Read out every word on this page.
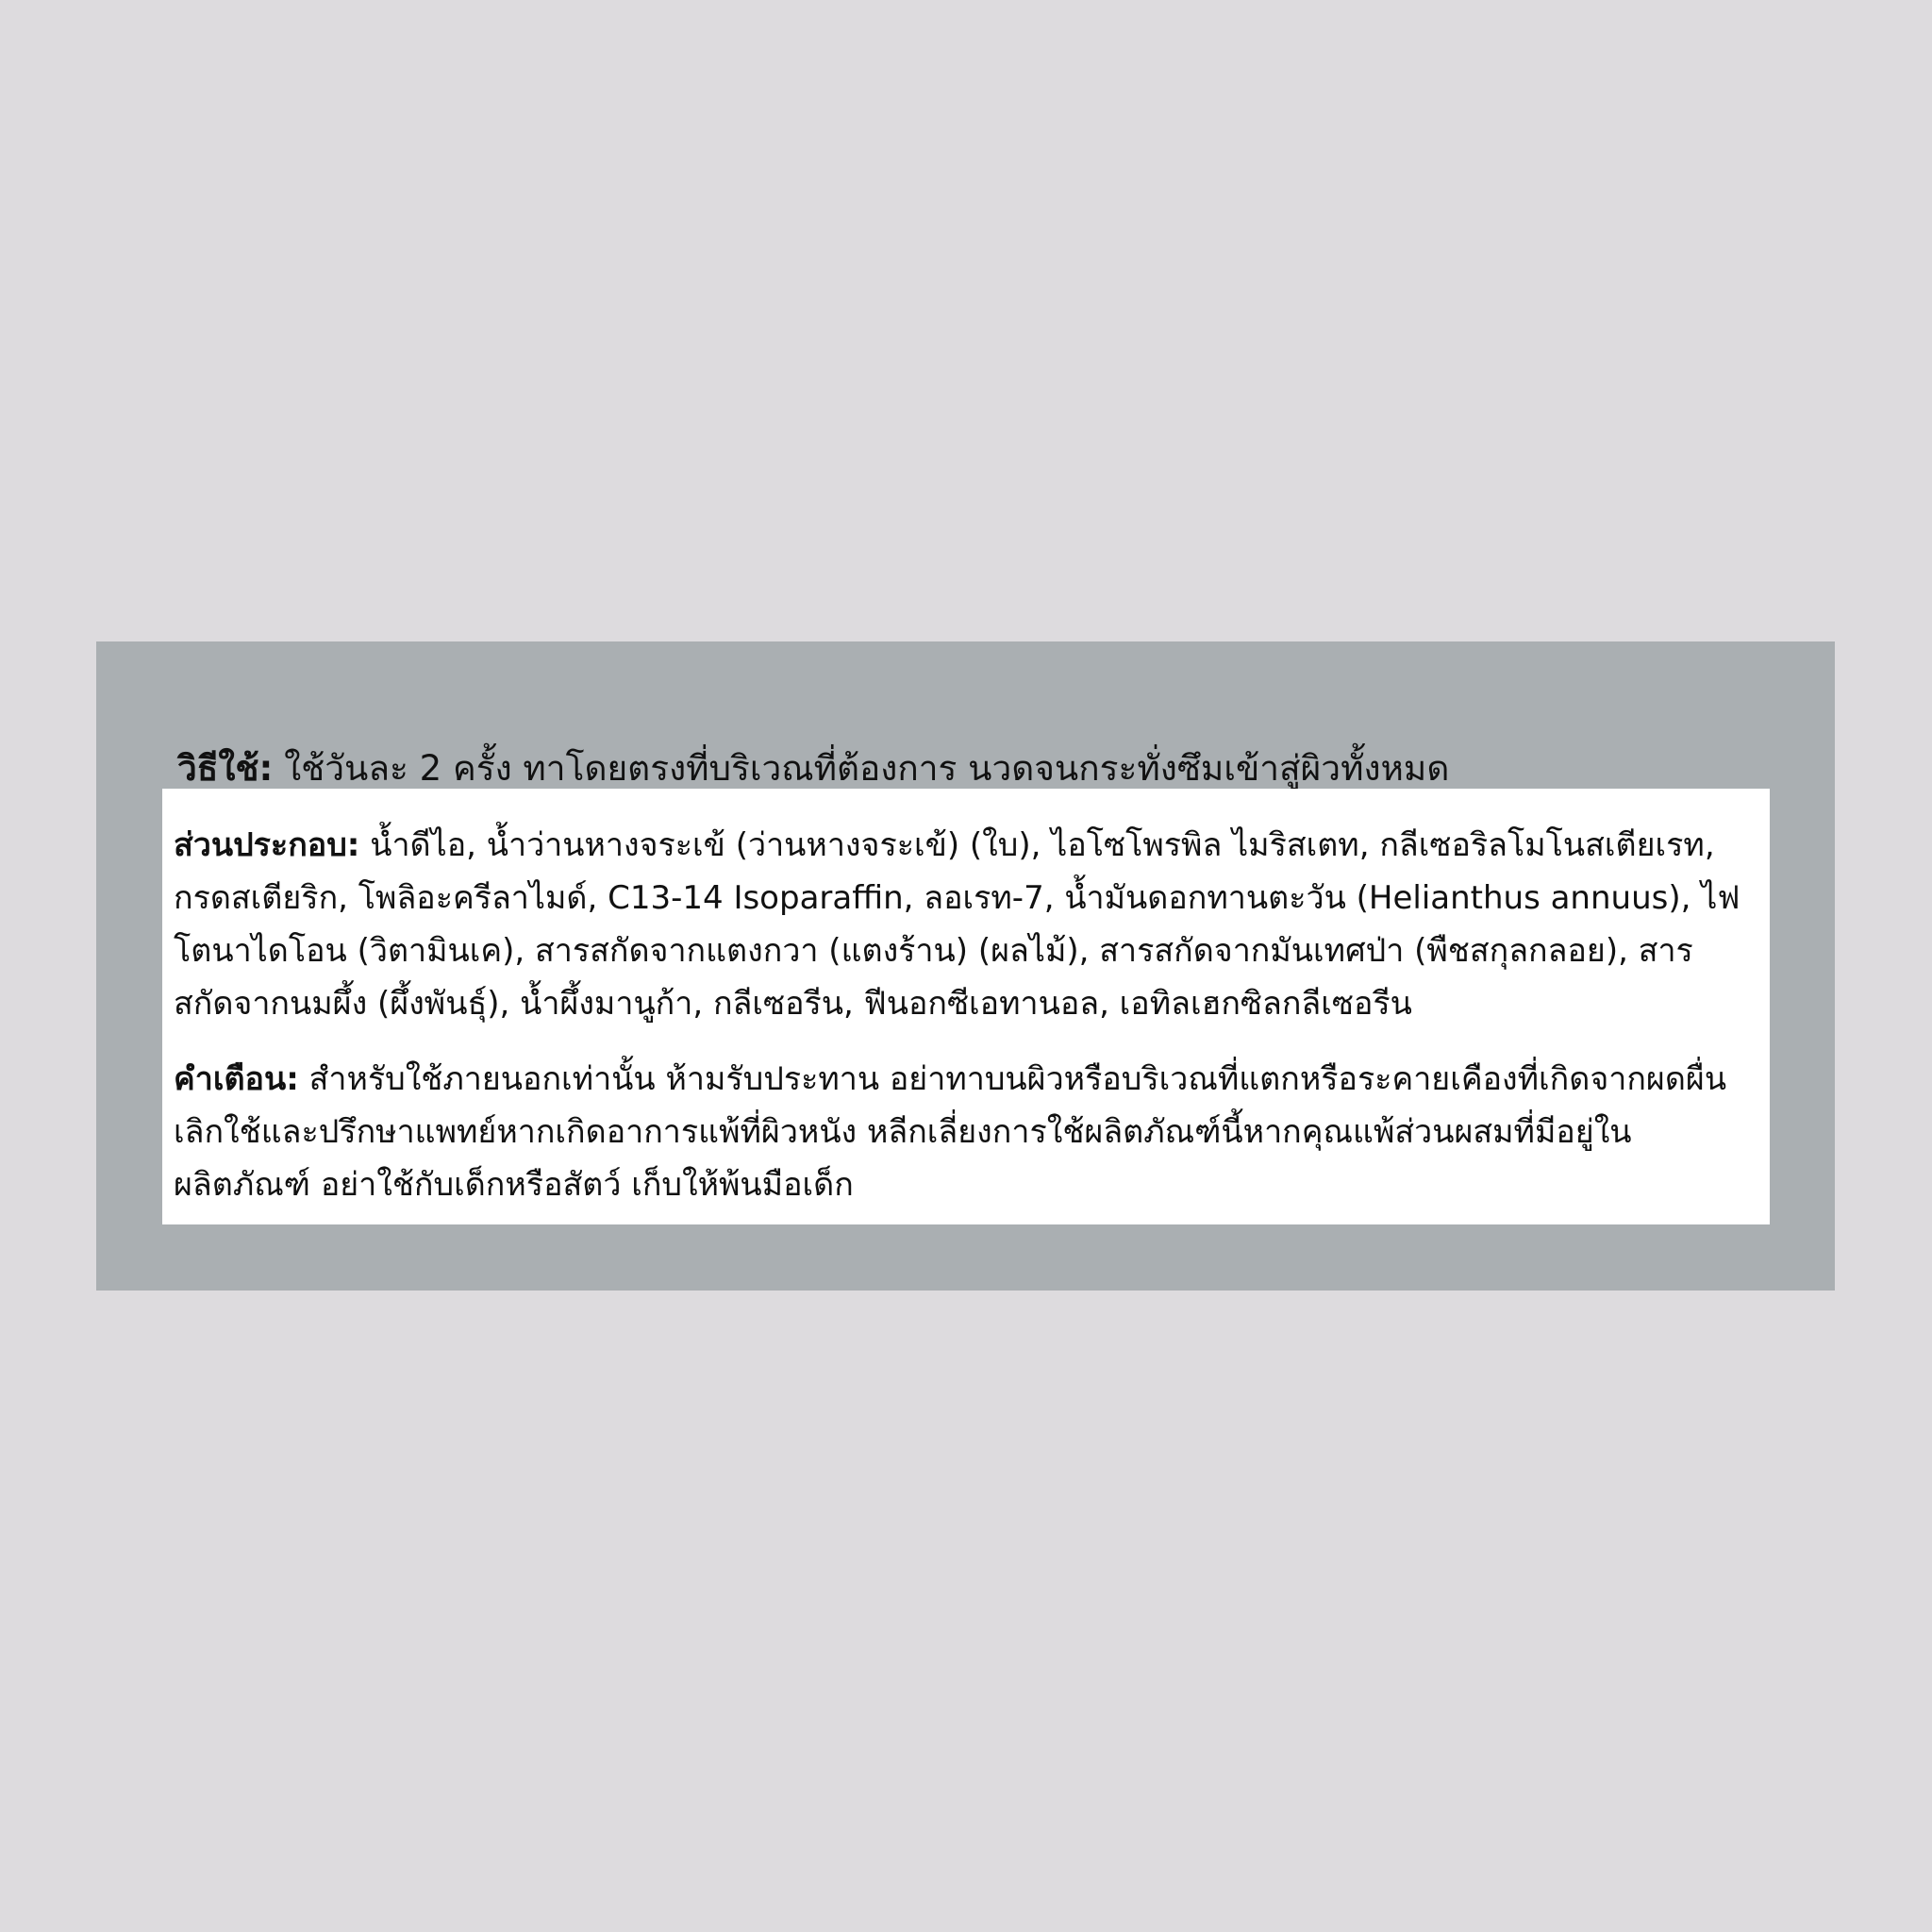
วิธีใช้: ใช้วันละ 2 ครั้ง ทาโดยตรงที่บริเวณที่ต้องการ นวดจนกระทั่งซึมเข้าสู่ผิวทั้งหมด

ส่วนประกอบ: น้ำดีไอ, น้ำว่านหางจระเข้ (ว่านหางจระเข้) (ใบ), ไอโซโพรพิล ไมริสเตท, กลีเซอริลโมโนสเตียเรท, กรดสเตียริก, โพลิอะครีลาไมด์, C13-14 Isoparaffin, ลอเรท-7, น้ำมันดอกทานตะวัน (Helianthus annuus), ไฟโตนาไดโอน (วิตามินเค), สารสกัดจากแตงกวา (แตงร้าน) (ผลไม้), สารสกัดจากมันเทศป่า (พืชสกุลกลอย), สารสกัดจากนมผึ้ง (ผึ้งพันธุ์), น้ำผึ้งมานูก้า, กลีเซอรีน, ฟีนอกซีเอทานอล, เอทิลเฮกซิลกลีเซอรีน

คำเตือน: สำหรับใช้ภายนอกเท่านั้น ห้ามรับประทาน อย่าทาบนผิวหรือบริเวณที่แตกหรือระคายเคืองที่เกิดจากผดผื่น เลิกใช้และปรึกษาแพทย์หากเกิดอาการแพ้ที่ผิวหนัง หลีกเลี่ยงการใช้ผลิตภัณฑ์นี้หากคุณแพ้ส่วนผสมที่มีอยู่ในผลิตภัณฑ์ อย่าใช้กับเด็กหรือสัตว์ เก็บให้พ้นมือเด็ก
